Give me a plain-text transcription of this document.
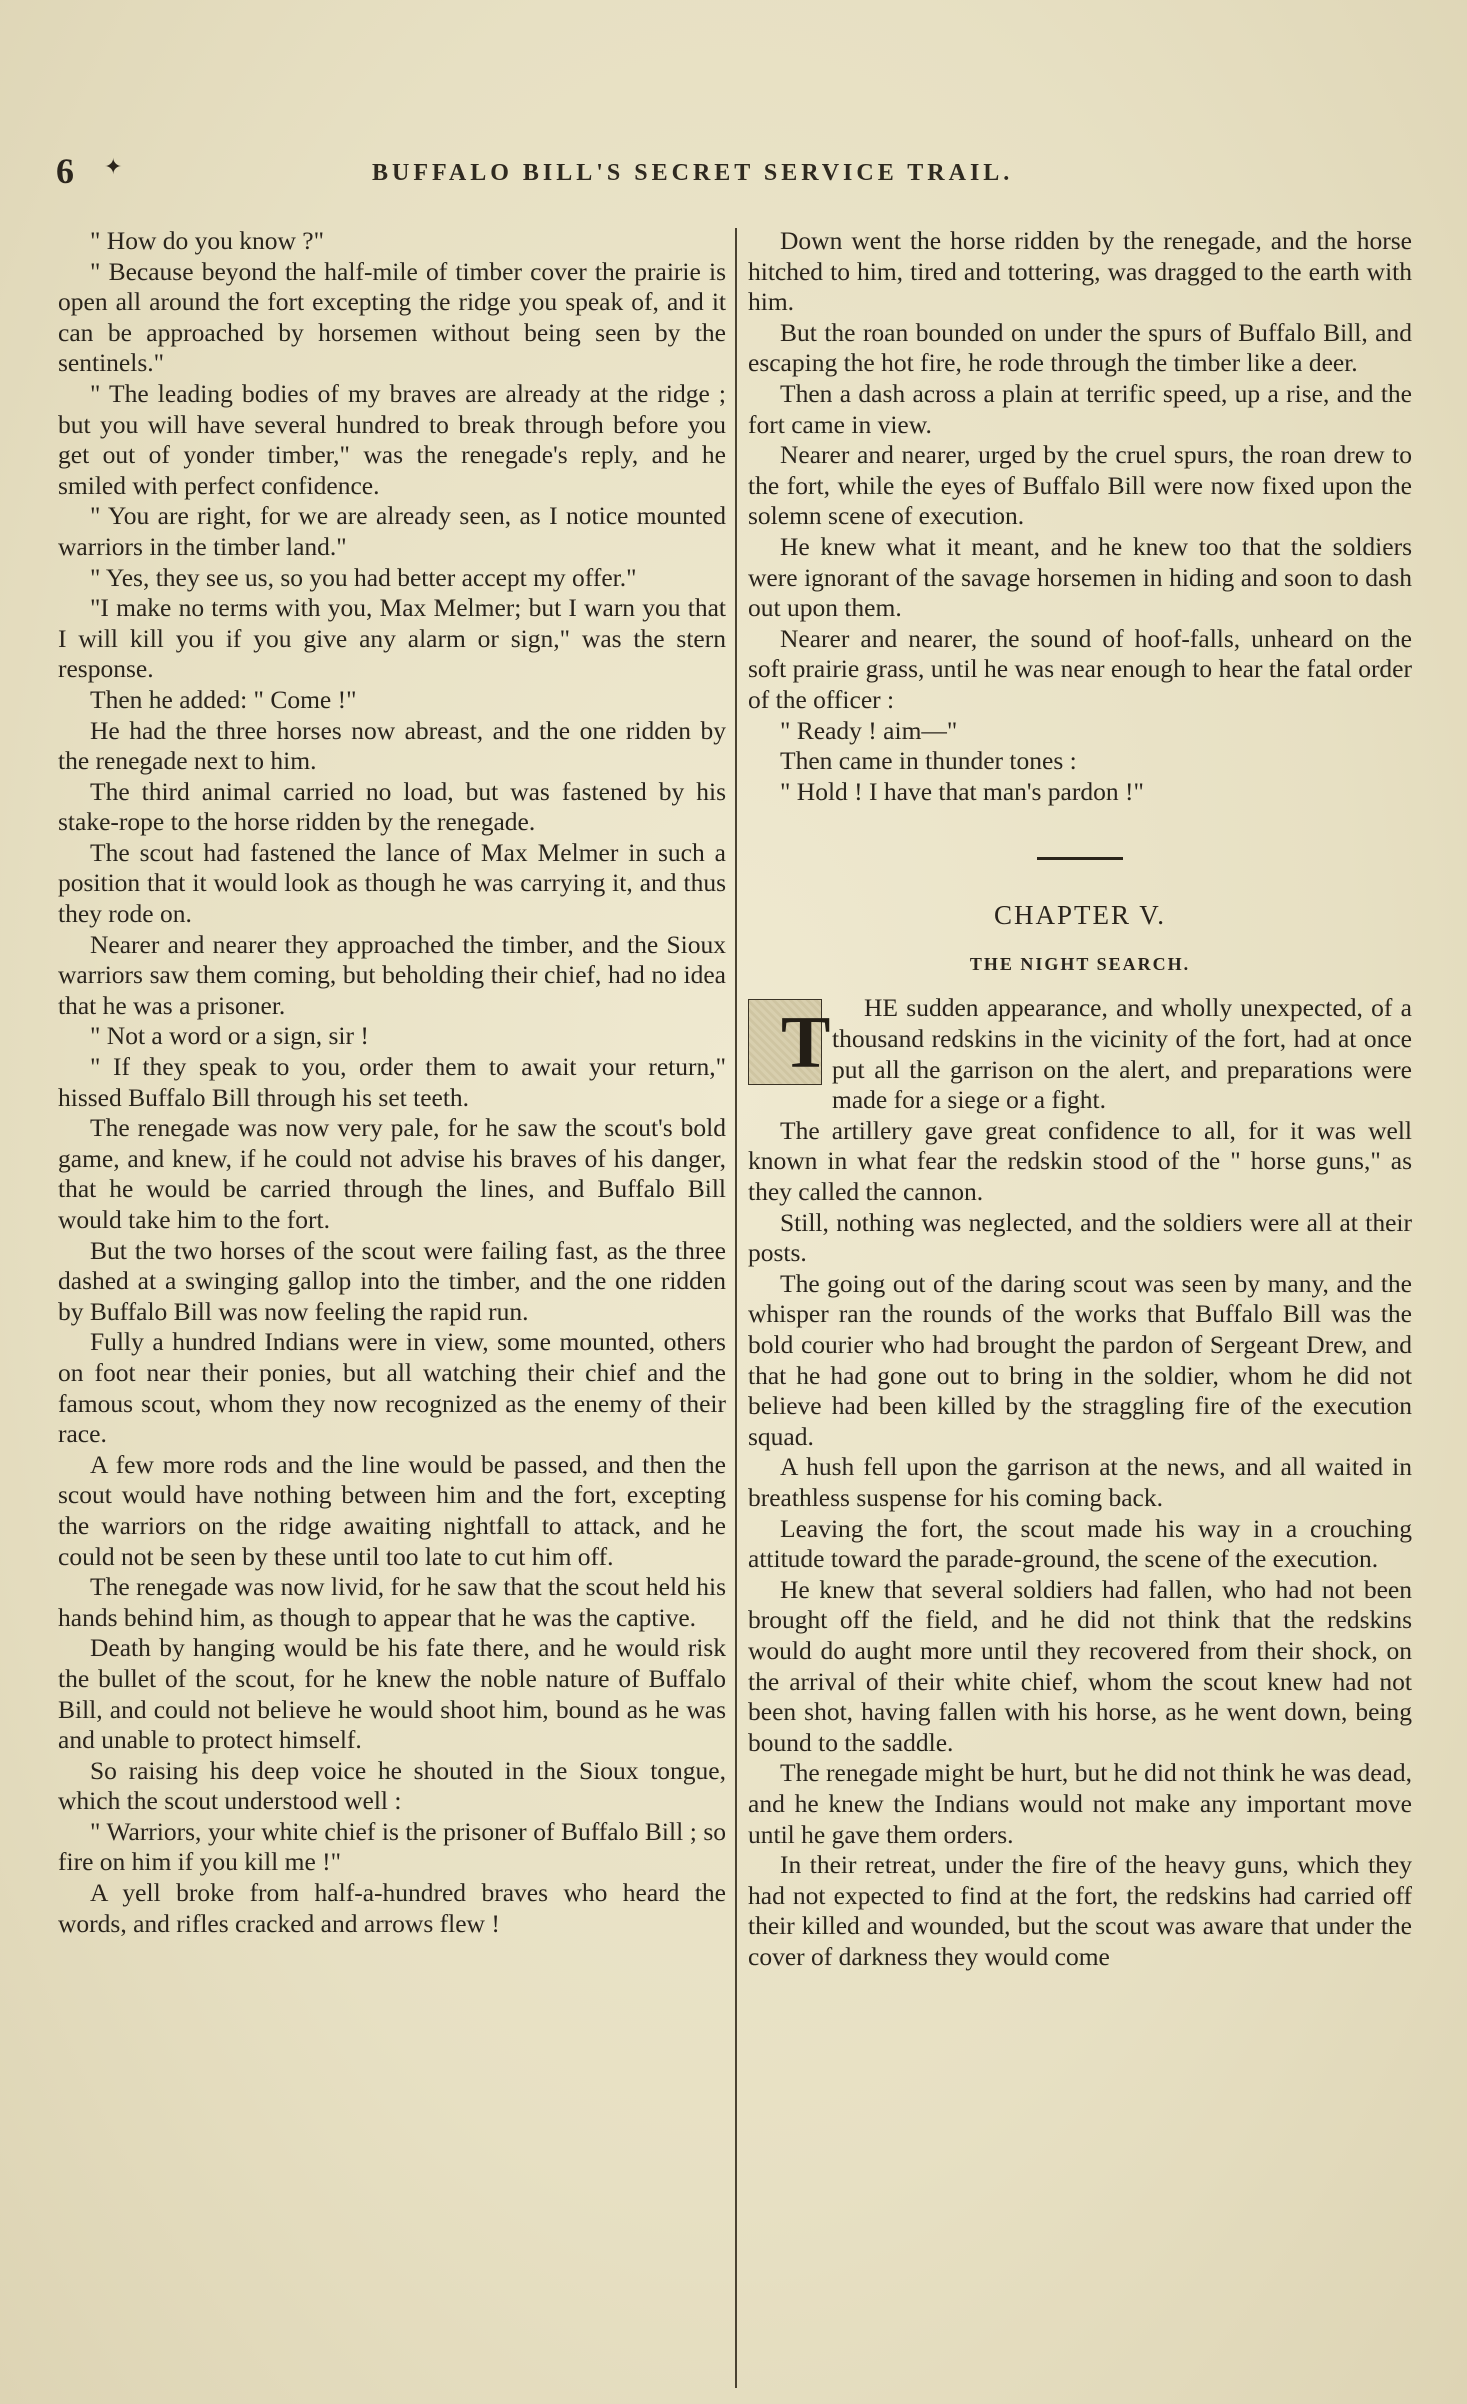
6 ✦	BUFFALO BILL'S SECRET SERVICE TRAIL.

" How do you know ?"

" Because beyond the half-mile of timber cover the prairie is open all around the fort excepting the ridge you speak of, and it can be approached by horsemen without being seen by the sentinels."

" The leading bodies of my braves are already at the ridge ; but you will have several hundred to break through before you get out of yonder timber," was the renegade's reply, and he smiled with perfect confidence.

" You are right, for we are already seen, as I notice mounted warriors in the timber land."

" Yes, they see us, so you had better accept my offer."

"I make no terms with you, Max Melmer; but I warn you that I will kill you if you give any alarm or sign," was the stern response.

Then he added: " Come !"

He had the three horses now abreast, and the one ridden by the renegade next to him.

The third animal carried no load, but was fastened by his stake-rope to the horse ridden by the renegade.

The scout had fastened the lance of Max Melmer in such a position that it would look as though he was carrying it, and thus they rode on.

Nearer and nearer they approached the timber, and the Sioux warriors saw them coming, but beholding their chief, had no idea that he was a prisoner.

" Not a word or a sign, sir !

" If they speak to you, order them to await your return," hissed Buffalo Bill through his set teeth.

The renegade was now very pale, for he saw the scout's bold game, and knew, if he could not advise his braves of his danger, that he would be carried through the lines, and Buffalo Bill would take him to the fort.

But the two horses of the scout were failing fast, as the three dashed at a swinging gallop into the timber, and the one ridden by Buffalo Bill was now feeling the rapid run.

Fully a hundred Indians were in view, some mounted, others on foot near their ponies, but all watching their chief and the famous scout, whom they now recognized as the enemy of their race.

A few more rods and the line would be passed, and then the scout would have nothing between him and the fort, excepting the warriors on the ridge awaiting nightfall to attack, and he could not be seen by these until too late to cut him off.

The renegade was now livid, for he saw that the scout held his hands behind him, as though to appear that he was the captive.

Death by hanging would be his fate there, and he would risk the bullet of the scout, for he knew the noble nature of Buffalo Bill, and could not believe he would shoot him, bound as he was and unable to protect himself.

So raising his deep voice he shouted in the Sioux tongue, which the scout understood well :

" Warriors, your white chief is the prisoner of Buffalo Bill ; so fire on him if you kill me !"

A yell broke from half-a-hundred braves who heard the words, and rifles cracked and arrows flew !

Down went the horse ridden by the renegade, and the horse hitched to him, tired and tottering, was dragged to the earth with him.

But the roan bounded on under the spurs of Buffalo Bill, and escaping the hot fire, he rode through the timber like a deer.

Then a dash across a plain at terrific speed, up a rise, and the fort came in view.

Nearer and nearer, urged by the cruel spurs, the roan drew to the fort, while the eyes of Buffalo Bill were now fixed upon the solemn scene of execution.

He knew what it meant, and he knew too that the soldiers were ignorant of the savage horsemen in hiding and soon to dash out upon them.

Nearer and nearer, the sound of hoof-falls, unheard on the soft prairie grass, until he was near enough to hear the fatal order of the officer :

" Ready ! aim—"

Then came in thunder tones :

" Hold ! I have that man's pardon !"

CHAPTER V.
THE NIGHT SEARCH.

T HE sudden appearance, and wholly unexpected, of a thousand redskins in the vicinity of the fort, had at once put all the garrison on the alert, and preparations were made for a siege or a fight.

The artillery gave great confidence to all, for it was well known in what fear the redskin stood of the " horse guns," as they called the cannon.

Still, nothing was neglected, and the soldiers were all at their posts.

The going out of the daring scout was seen by many, and the whisper ran the rounds of the works that Buffalo Bill was the bold courier who had brought the pardon of Sergeant Drew, and that he had gone out to bring in the soldier, whom he did not believe had been killed by the straggling fire of the execution squad.

A hush fell upon the garrison at the news, and all waited in breathless suspense for his coming back.

Leaving the fort, the scout made his way in a crouching attitude toward the parade-ground, the scene of the execution.

He knew that several soldiers had fallen, who had not been brought off the field, and he did not think that the redskins would do aught more until they recovered from their shock, on the arrival of their white chief, whom the scout knew had not been shot, having fallen with his horse, as he went down, being bound to the saddle.

The renegade might be hurt, but he did not think he was dead, and he knew the Indians would not make any important move until he gave them orders.

In their retreat, under the fire of the heavy guns, which they had not expected to find at the fort, the redskins had carried off their killed and wounded, but the scout was aware that under the cover of darkness they would come
